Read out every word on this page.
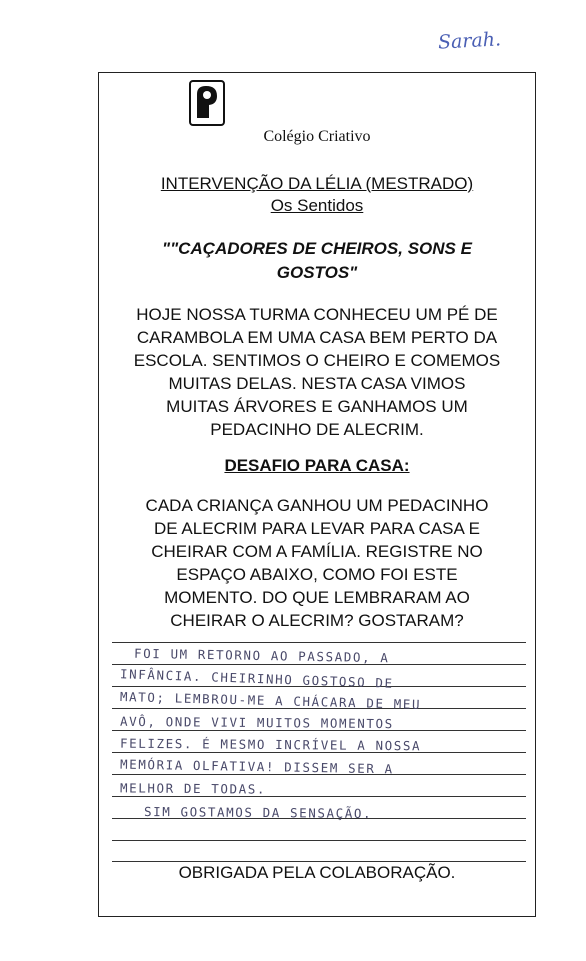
Sarah.
Colégio Criativo
INTERVENÇÃO DA LÉLIA (MESTRADO)
Os Sentidos
""CAÇADORES DE CHEIROS, SONS E
GOSTOS"
HOJE NOSSA TURMA CONHECEU UM PÉ DE
CARAMBOLA EM UMA CASA BEM PERTO DA
ESCOLA. SENTIMOS O CHEIRO E COMEMOS
MUITAS DELAS. NESTA CASA VIMOS
MUITAS ÁRVORES E GANHAMOS UM
PEDACINHO DE ALECRIM.
DESAFIO PARA CASA:
CADA CRIANÇA GANHOU UM PEDACINHO
DE ALECRIM PARA LEVAR PARA CASA E
CHEIRAR COM A FAMÍLIA. REGISTRE NO
ESPAÇO ABAIXO, COMO FOI ESTE
MOMENTO. DO QUE LEMBRARAM AO
CHEIRAR O ALECRIM? GOSTARAM?
FOI UM RETORNO AO PASSADO, A
INFÂNCIA. CHEIRINHO GOSTOSO DE
MATO; LEMBROU-ME A CHÁCARA DE MEU
AVÔ, ONDE VIVI MUITOS MOMENTOS
FELIZES. É MESMO INCRÍVEL A NOSSA
MEMÓRIA OLFATIVA! DISSEM SER A
MELHOR DE TODAS.
SIM GOSTAMOS DA SENSAÇÃO.
OBRIGADA PELA COLABORAÇÃO.
